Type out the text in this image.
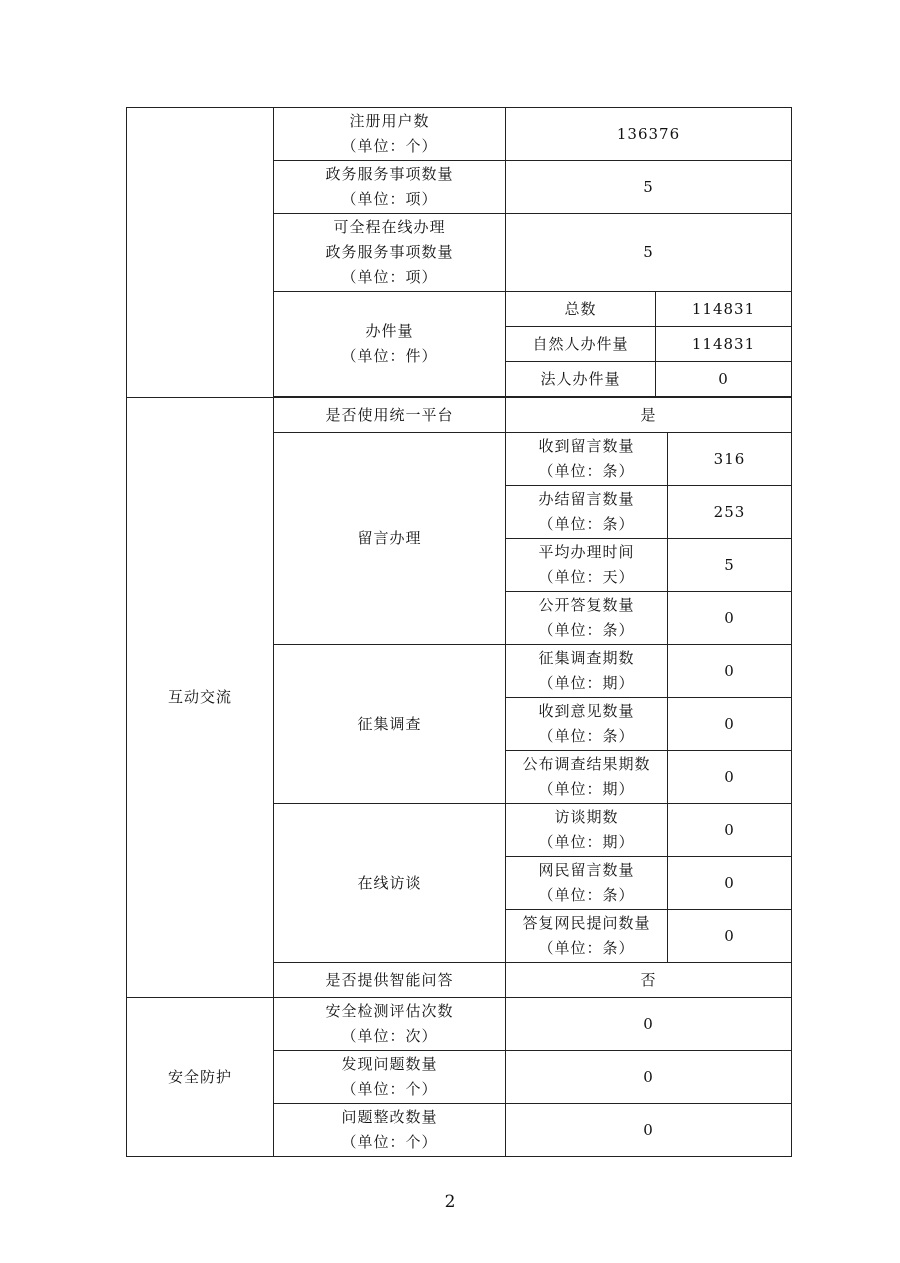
	注册用户数
（单位：个）	136376		

	政务服务事项数量
（单位：项）	5		

	可全程在线办理
政务服务事项数量
（单位：项）	5		

	办件量
（单位：件）	总数	114831	
		自然人办件量	114831	
		法人办件量	0	

互动交流	是否使用统一平台	是		
	留言办理	收到留言数量
（单位：条）		316

		办结留言数量
（单位：条）		253

		平均办理时间
（单位：天）		5

		公开答复数量
（单位：条）		0
	征集调查	征集调查期数
（单位：期）		0

		收到意见数量
（单位：条）		0

		公布调查结果期数
（单位：期）		0
	在线访谈	访谈期数
（单位：期）		0

		网民留言数量
（单位：条）		0

		答复网民提问数量
（单位：条）		0
	是否提供智能问答	否		
安全防护	安全检测评估次数
（单位：次）	0		

	发现问题数量
（单位：个）	0		

	问题整改数量
（单位：个）	0		
2
